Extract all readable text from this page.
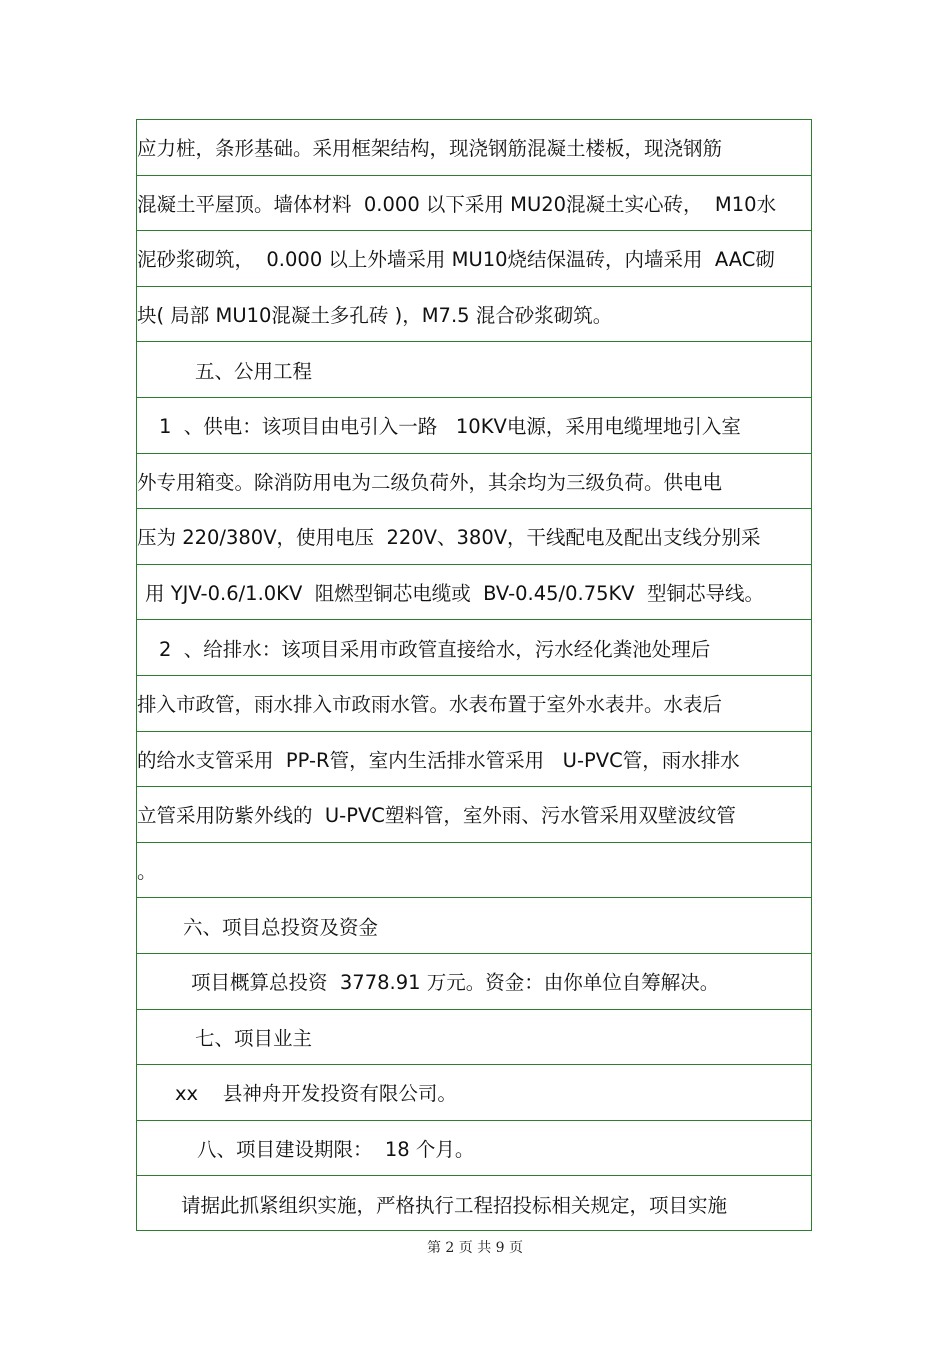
应力桩，条形基础。采用框架结构，现浇钢筋混凝土楼板，现浇钢筋
混凝土平屋顶。墙体材料  0.000 以下采用 MU20混凝土实心砖，  M10水
泥砂浆砌筑，  0.000 以上外墙采用 MU10烧结保温砖，内墙采用  AAC砌
块( 局部 MU10混凝土多孔砖 )，M7.5 混合砂浆砌筑。
五、公用工程
1  、供电：该项目由电引入一路   10KV电源，采用电缆埋地引入室
外专用箱变。除消防用电为二级负荷外，其余均为三级负荷。供电电
压为 220/380V，使用电压  220V、380V，干线配电及配出支线分别采
用 YJV-0.6/1.0KV  阻燃型铜芯电缆或  BV-0.45/0.75KV  型铜芯导线。
2  、给排水：该项目采用市政管直接给水，污水经化粪池处理后
排入市政管，雨水排入市政雨水管。水表布置于室外水表井。水表后
的给水支管采用  PP-R管，室内生活排水管采用   U-PVC管，雨水排水
立管采用防紫外线的  U-PVC塑料管，室外雨、污水管采用双壁波纹管
。
六、项目总投资及资金
项目概算总投资  3778.91 万元。资金：由你单位自筹解决。
七、项目业主
xx    县神舟开发投资有限公司。
八、项目建设期限：  18 个月。
请据此抓紧组织实施，严格执行工程招投标相关规定，项目实施
第 2 页 共 9 页
